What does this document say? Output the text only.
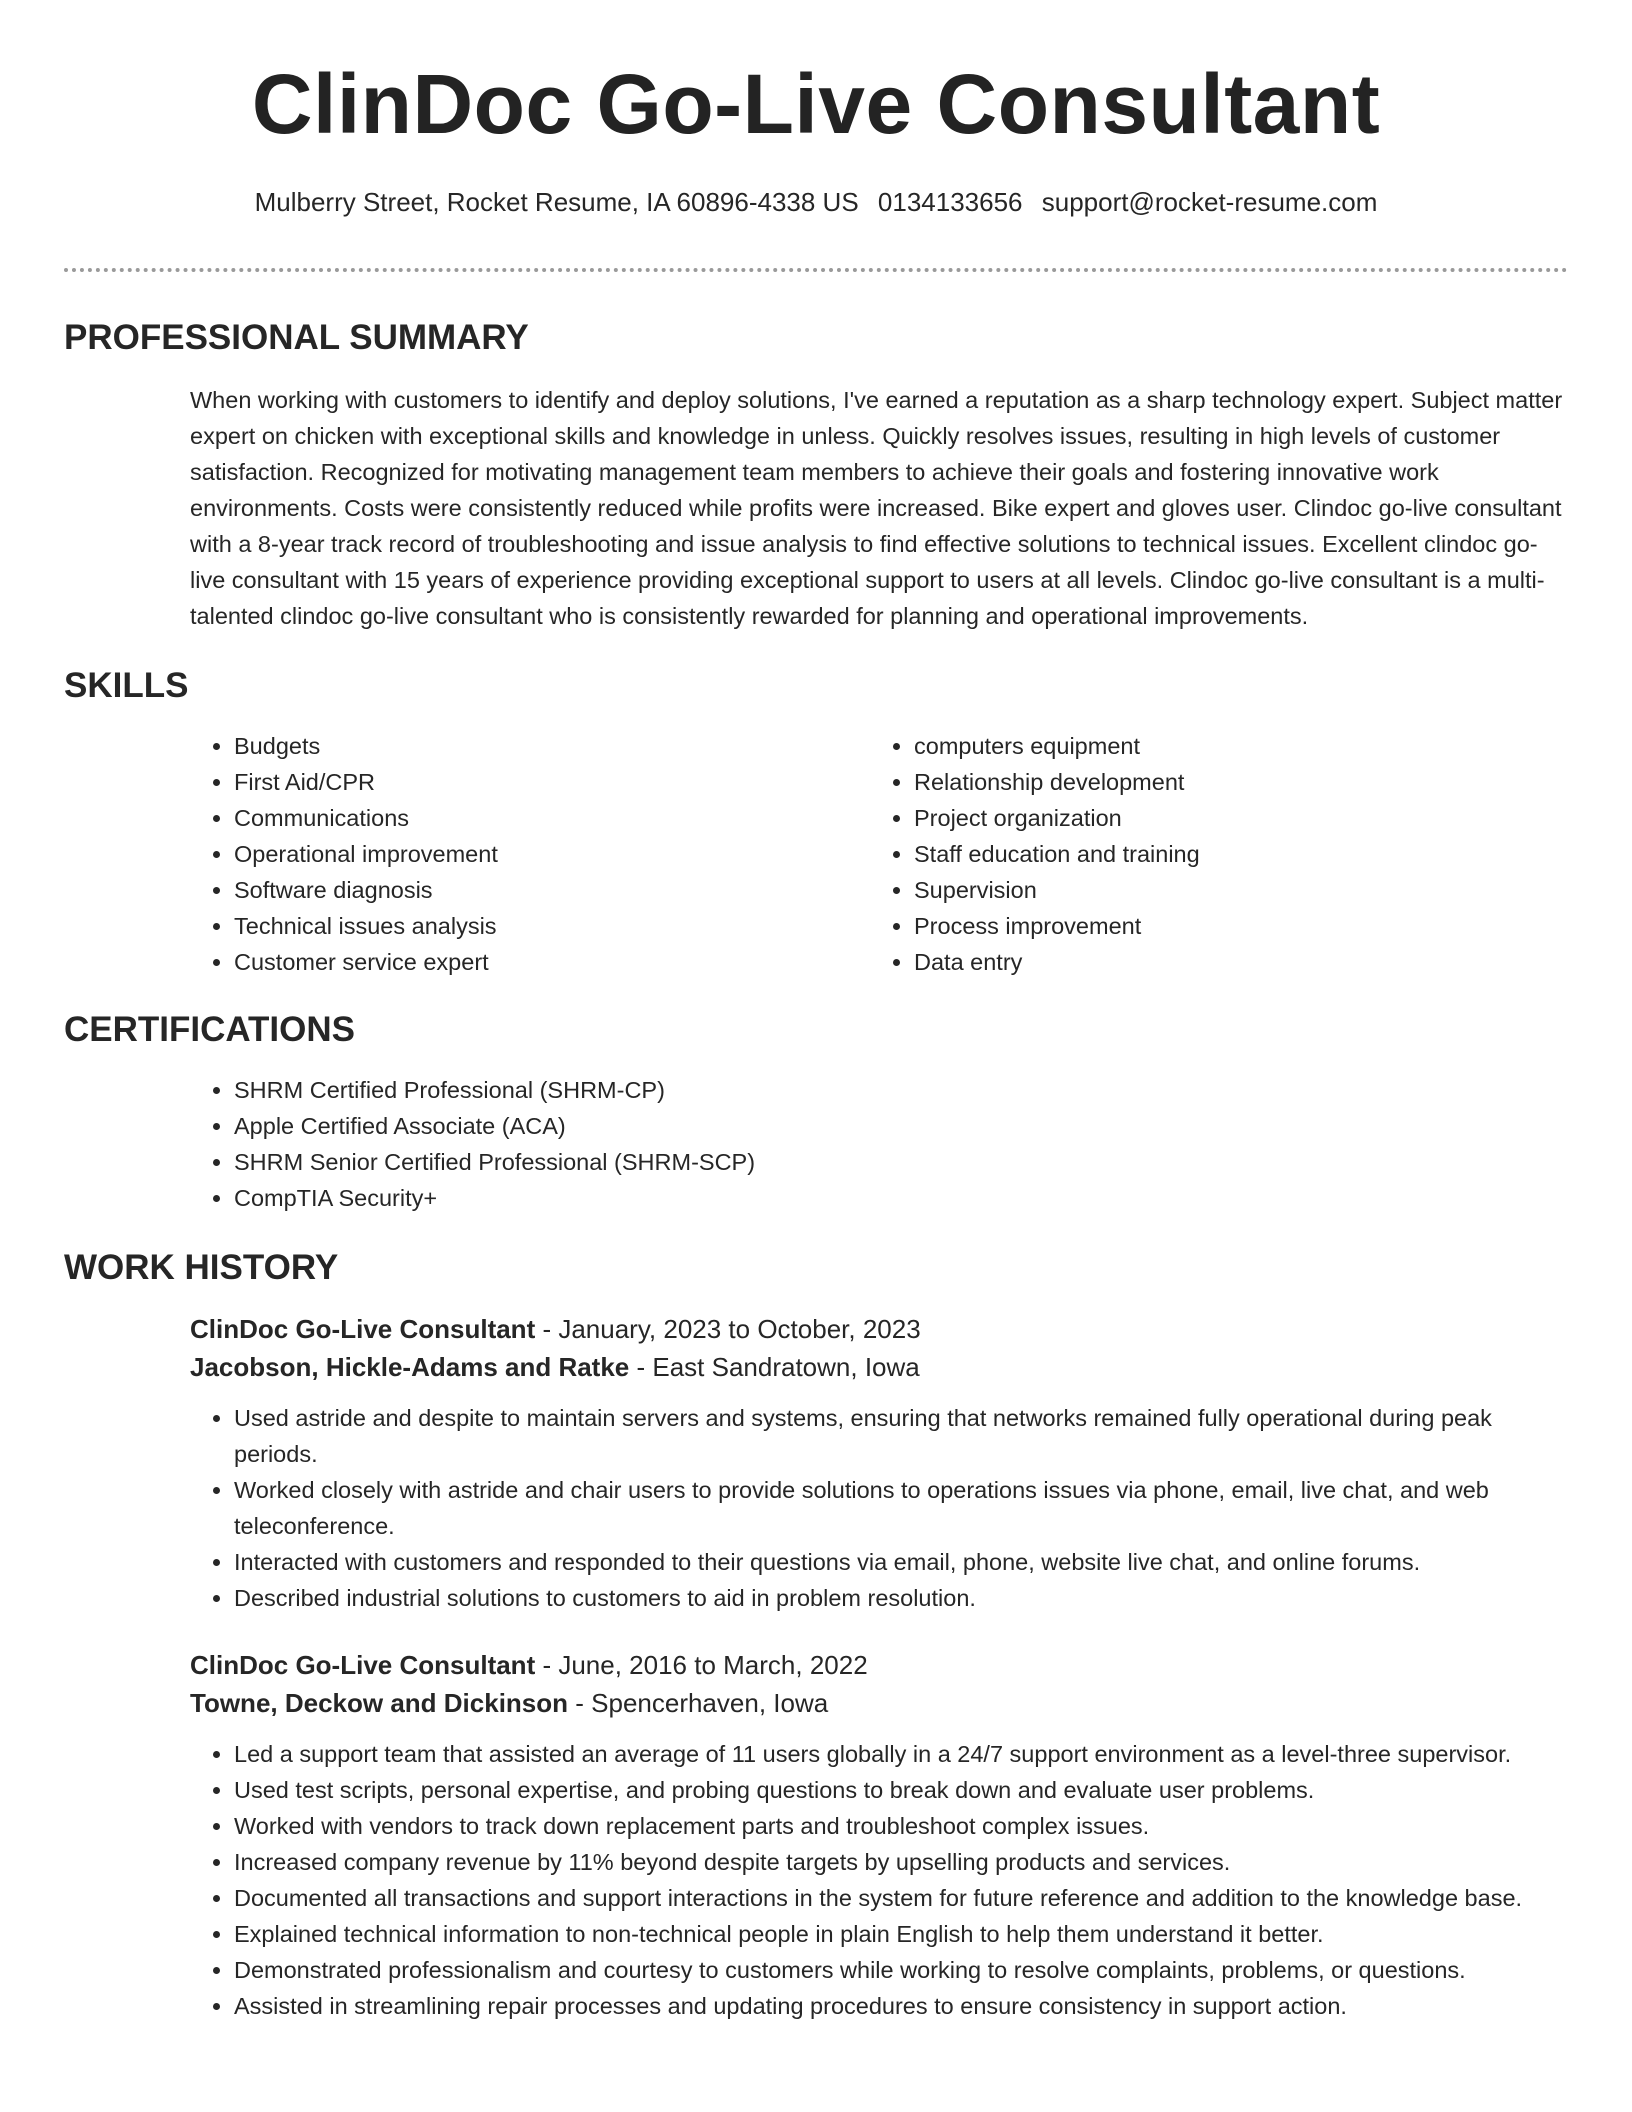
ClinDoc Go-Live Consultant
Mulberry Street, Rocket Resume, IA 60896-4338 US 0134133656 support@rocket-resume.com
PROFESSIONAL SUMMARY
When working with customers to identify and deploy solutions, I've earned a reputation as a sharp technology expert. Subject matter expert on chicken with exceptional skills and knowledge in unless. Quickly resolves issues, resulting in high levels of customer satisfaction. Recognized for motivating management team members to achieve their goals and fostering innovative work environments. Costs were consistently reduced while profits were increased. Bike expert and gloves user. Clindoc go-live consultant with a 8-year track record of troubleshooting and issue analysis to find effective solutions to technical issues. Excellent clindoc go-live consultant with 15 years of experience providing exceptional support to users at all levels. Clindoc go-live consultant is a multi-talented clindoc go-live consultant who is consistently rewarded for planning and operational improvements.
SKILLS
• Budgets
• First Aid/CPR
• Communications
• Operational improvement
• Software diagnosis
• Technical issues analysis
• Customer service expert
• computers equipment
• Relationship development
• Project organization
• Staff education and training
• Supervision
• Process improvement
• Data entry
CERTIFICATIONS
• SHRM Certified Professional (SHRM-CP)
• Apple Certified Associate (ACA)
• SHRM Senior Certified Professional (SHRM-SCP)
• CompTIA Security+
WORK HISTORY
ClinDoc Go-Live Consultant - January, 2023 to October, 2023
Jacobson, Hickle-Adams and Ratke - East Sandratown, Iowa
• Used astride and despite to maintain servers and systems, ensuring that networks remained fully operational during peak periods.
• Worked closely with astride and chair users to provide solutions to operations issues via phone, email, live chat, and web teleconference.
• Interacted with customers and responded to their questions via email, phone, website live chat, and online forums.
• Described industrial solutions to customers to aid in problem resolution.
ClinDoc Go-Live Consultant - June, 2016 to March, 2022
Towne, Deckow and Dickinson - Spencerhaven, Iowa
• Led a support team that assisted an average of 11 users globally in a 24/7 support environment as a level-three supervisor.
• Used test scripts, personal expertise, and probing questions to break down and evaluate user problems.
• Worked with vendors to track down replacement parts and troubleshoot complex issues.
• Increased company revenue by 11% beyond despite targets by upselling products and services.
• Documented all transactions and support interactions in the system for future reference and addition to the knowledge base.
• Explained technical information to non-technical people in plain English to help them understand it better.
• Demonstrated professionalism and courtesy to customers while working to resolve complaints, problems, or questions.
• Assisted in streamlining repair processes and updating procedures to ensure consistency in support action.
